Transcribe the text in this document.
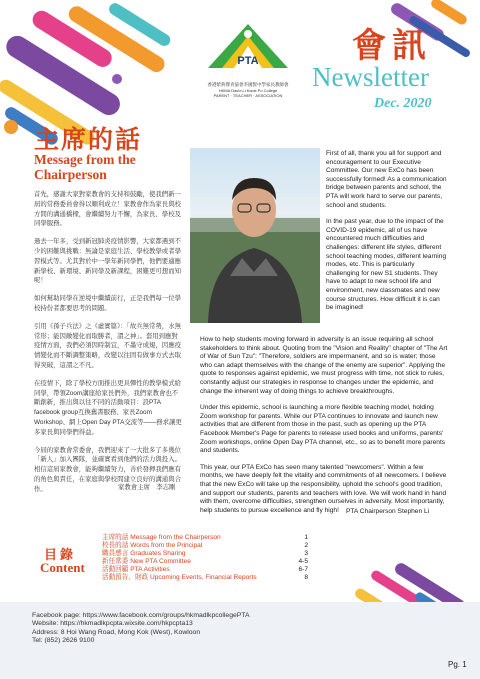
PTA
香港紫荊傑青協會李國賢中學家長教師會
HKMA David Li Kwok Po College
PARENT · TEACHER · ASSOCIATION
會訊
Newsletter
Dec. 2020
主席的話
Message from the Chairperson

首先，感謝大家對家教會的支持和鼓勵，使我們新一屆的常務委員會得以順利成立！家教會作為家長與校方間的溝通橋樑，會繼續努力不懈，為家長、學校及同學服務。

過去一年多，受到新冠肺炎疫情影響，大家都遇到不少的困難與挑戰：無論是家庭生活、學校教學或者學習模式等。尤其對於中一學年新同學們，他們要適應新學校、新環境、新同學及新課程，困難更可想而知呢！

如何幫助同學在逆境中繼續前行，正是我們每一位學校持份者都要思考的問題。

引用《孫子兵法》之《虛實篇》：「故兵無常勢，水無常形；能因敵變化而取勝者，謂之神」。套用到應對疫情方面，我們必須因時制宜，不墨守成規，因應疫情變化而不斷調整策略，改變以往固有做事方式去取得突破，這謂之不凡。

在疫情下，除了學校方面推出更具彈性的教學模式給同學，帶領Zoom講座給家長們外，我們家教會也不斷創新，推出與以往不同的活動項目：設PTA facebook group互換舊書服務、家長Zoom Workshop、網上Open Day PTA交流等——務求讓更多家長與同學們得益。

今屆的家教會常委會，我們迎來了一大批多了多幾位「新人」加入團隊，並確實看到他們的活力與投入。相信這屆家教會，能夠繼續努力，善於發揮我們應有的角色與責任，在家庭與學校間建立良好的溝通與合作。	家教會主席　李志剛

First of all, thank you all for support and encouragement to our Executive Committee. Our new ExCo has been successfully formed! As a communication bridge between parents and school, the PTA will work hard to serve our parents, school and students.

In the past year, due to the impact of the COVID-19 epidemic, all of us have encountered much difficulties and challenges: different life styles, different school teaching modes, different learning modes, etc. This is particularly challenging for new S1 students. They have to adapt to new school life and environment, new classmates and new course structures. How difficult it is can be imagined!

How to help students moving forward in adversity is an issue requiring all school stakeholders to think about. Quoting from the "Vision and Reality" chapter of "The Art of War of Sun Tzu": "Therefore, soldiers are impermanent, and so is water; those who can adapt themselves with the change of the enemy are superior". Applying the quote to responses against epidemic, we must progress with time, not stick to rules, constantly adjust our strategies in response to changes under the epidemic, and change the inherent way of doing things to achieve breakthroughs.

Under this epidemic, school is launching a more flexible teaching model, holding Zoom workshop for parents. While our PTA continues to innovate and launch new activities that are different from those in the past, such as opening up the PTA Facebook Member's Page for parents to release used books and uniforms, parents' Zoom workshops, online Open Day PTA channel, etc., so as to benefit more parents and students.

This year, our PTA ExCo has seen many talented "newcomers". Within a few months, we have deeply felt the vitality and commitments of all newcomers. I believe that the new ExCo will take up the responsibility, uphold the school's good tradition, and support our students, parents and teachers with love. We will work hand in hand with them, overcome difficulties, strengthen ourselves in adversity. Most importantly, help students to pursue excellence and fly high!	PTA Chairperson Stephen Li
目錄
Content
主席的話 Message from the Chairperson
校長的話 Words from the Principal
職員感言 Graduates Sharing
新任常委 New PTA Committee
活動回顧 PTA Activities
活動預告、財政 Upcoming Events, Financial Reports
1
2
3
4-5
6-7
8
Facebook page: https://www.facebook.com/groups/hkmadlkpcollegePTA
Website: https://hkmadlkpcpta.wixsite.com/hkpcpta13
Address: 8 Hoi Wang Road, Mong Kok (West), Kowloon
Tel: (852) 2626 9100
Pg. 1
